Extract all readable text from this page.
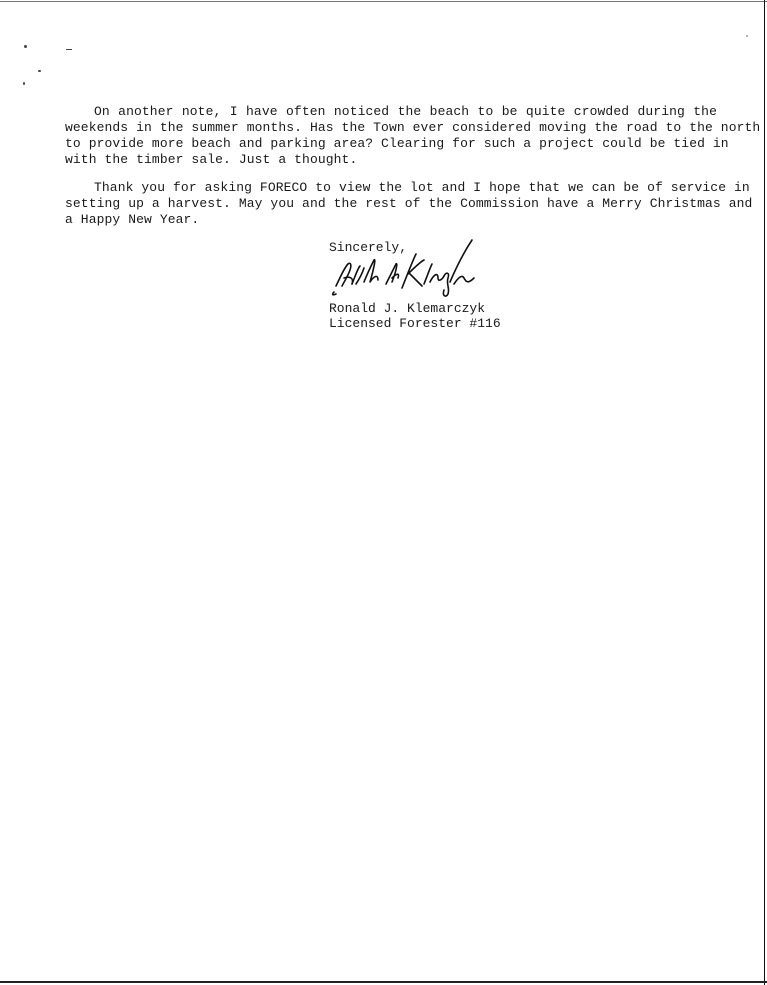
On another note, I have often noticed the beach to be quite crowded during the
weekends in the summer months. Has the Town ever considered moving the road to the north
to provide more beach and parking area? Clearing for such a project could be tied in
with the timber sale. Just a thought.

Thank you for asking FORECO to view the lot and I hope that we can be of service in
setting up a harvest. May you and the rest of the Commission have a Merry Christmas and
a Happy New Year.

Sincerely,
Ronald J. Klemarczyk
Licensed Forester #116
